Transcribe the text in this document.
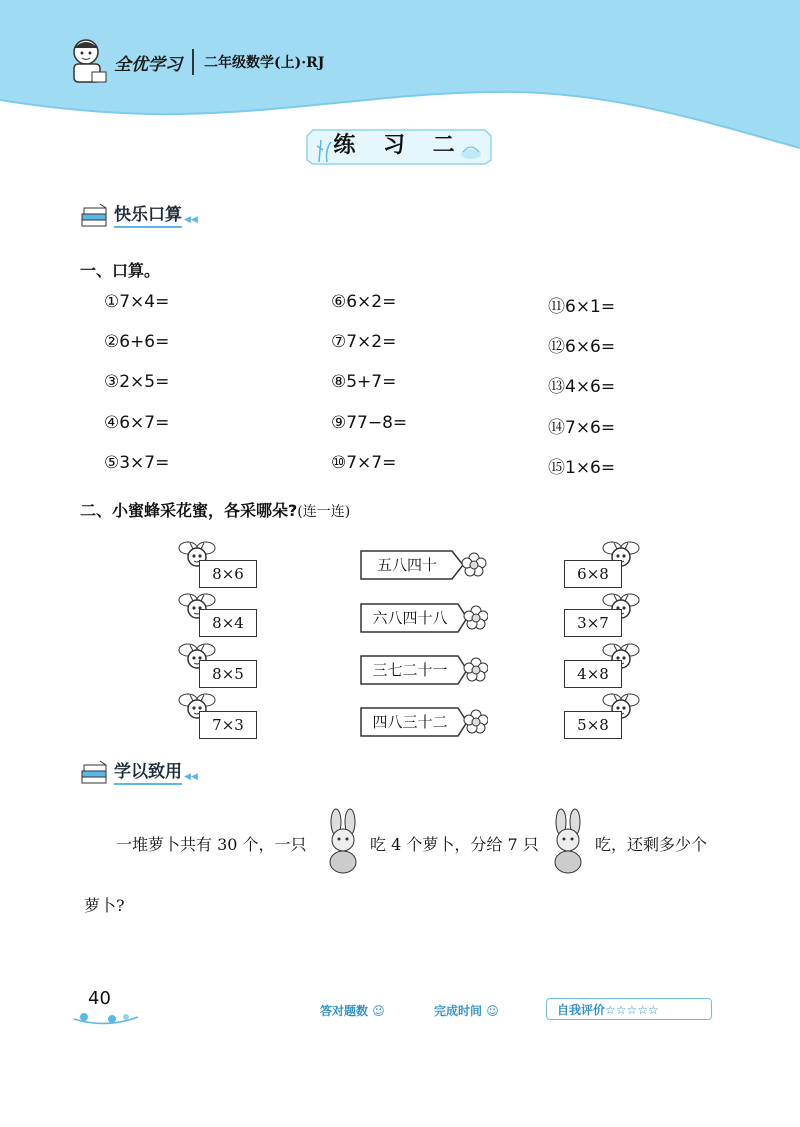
全优学习 二年级数学(上)·RJ
练 习 二
快乐口算 ◀◀
一、口算。
①7×4=
②6+6=
③2×5=
④6×7=
⑤3×7=
⑥6×2=
⑦7×2=
⑧5+7=
⑨77−8=
⑩7×7=
⑪6×1=
⑫6×6=
⑬4×6=
⑭7×6=
⑮1×6=
二、小蜜蜂采花蜜，各采哪朵?(连一连)
8×6
8×4
8×5
7×3
五八四十
六八四十八
三七二十一
四八三十二
6×8
3×7
4×8
5×8
学以致用 ◀◀
一堆萝卜共有 30 个，一只	吃 4 个萝卜，分给 7 只	吃，还剩多少个
萝卜?
40
答对题数 ☺	完成时间 ☺	自我评价☆☆☆☆☆
